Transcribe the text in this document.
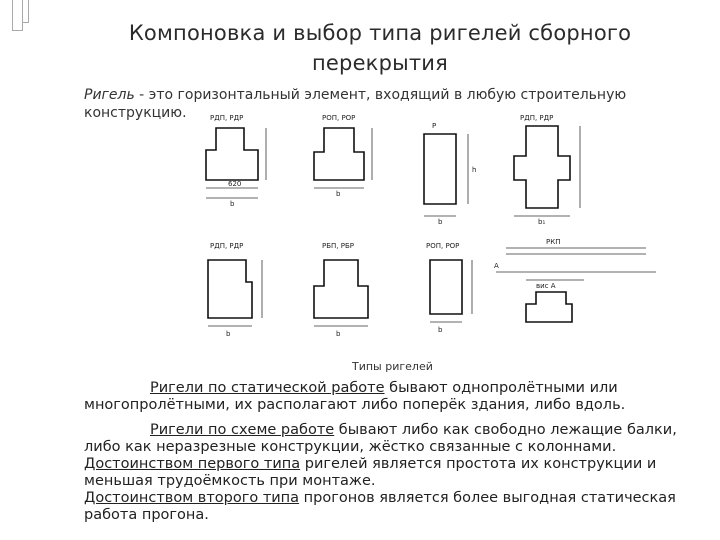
Компоновка и выбор типа ригелей сборного
перекрытия
Ригель - это горизонтальный элемент, входящий в любую строительную конструкцию.	РДП, РДР	РОП, РОР
Р
РДП, РДР
РДП, РДР	РБП, РБР	РОП, РОР	РКП
вис А
620
b
b
b
h
b₁
b	b	b
А
Типы ригелей
Ригели по статической работе бывают однопролётными или многопролётными, их располагают либо поперёк здания, либо вдоль.
Ригели по схеме работе бывают либо как свободно лежащие балки, либо как неразрезные конструкции, жёстко связанные с колоннами. Достоинством первого типа ригелей является простота их конструкции и меньшая трудоёмкость при монтаже.
Достоинством второго типа прогонов является более выгодная статическая работа прогона.
